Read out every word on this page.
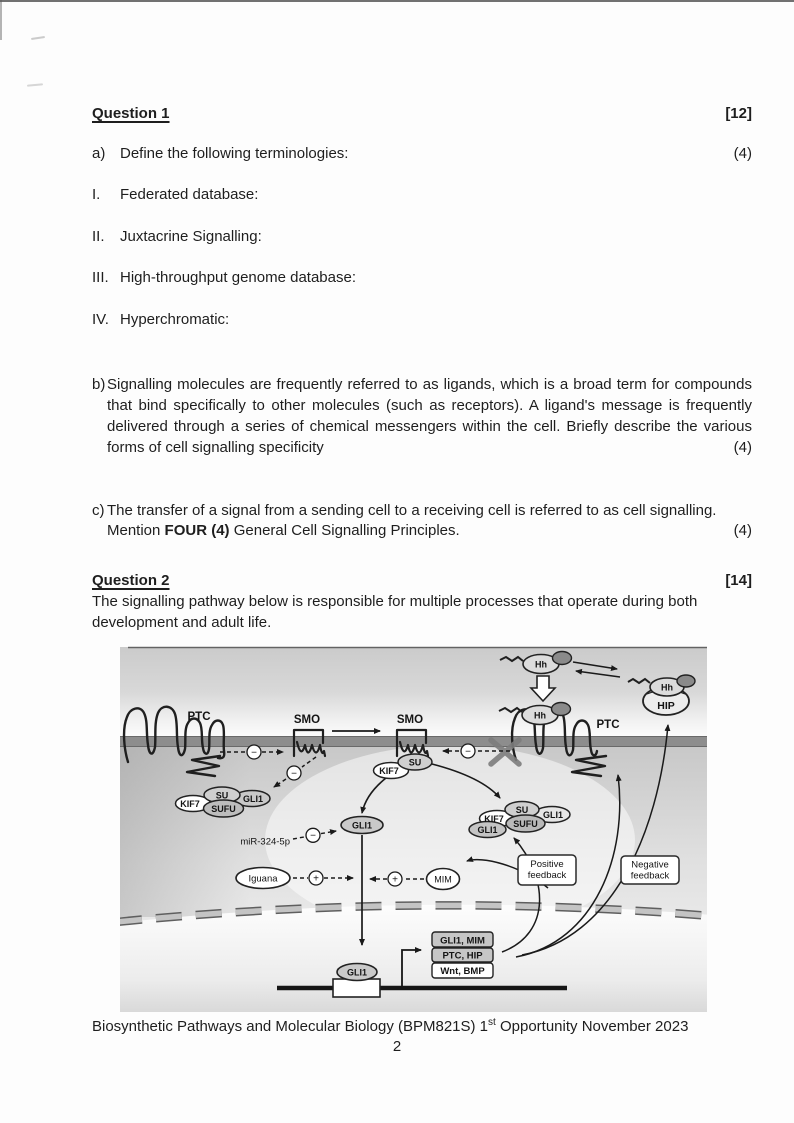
Question 1	[12]
a) Define the following terminologies:	(4)
I. Federated database:
II. Juxtacrine Signalling:
III. High-throughput genome database:
IV. Hyperchromatic:
b) Signalling molecules are frequently referred to as ligands, which is a broad term for compounds
that bind specifically to other molecules (such as receptors). A ligand's message is frequently
delivered through a series of chemical messengers within the cell. Briefly describe the various
forms of cell signalling specificity	(4)
c) The transfer of a signal from a sending cell to a receiving cell is referred to as cell signalling.
Mention FOUR (4) General Cell Signalling Principles.	(4)
Question 2	[14]
The signalling pathway below is responsible for multiple processes that operate during both
development and adult life.
−	−
−
Hh
Hh
HIP
Hh
KIF7	GLI1
SU
SUFU
KIF7
SU
GLI1
miR-324-5p
−
KIF7	GLI1
SU
SUFU
GLI1
Iguana	+	MIM
+
Positive
feedback
Negative
feedback
GLI1
GLI1, MIM
PTC, HIP
Wnt, BMP
PTC	SMO	SMO	PTC
Biosynthetic Pathways and Molecular Biology (BPM821S) 1st Opportunity November 2023
2
